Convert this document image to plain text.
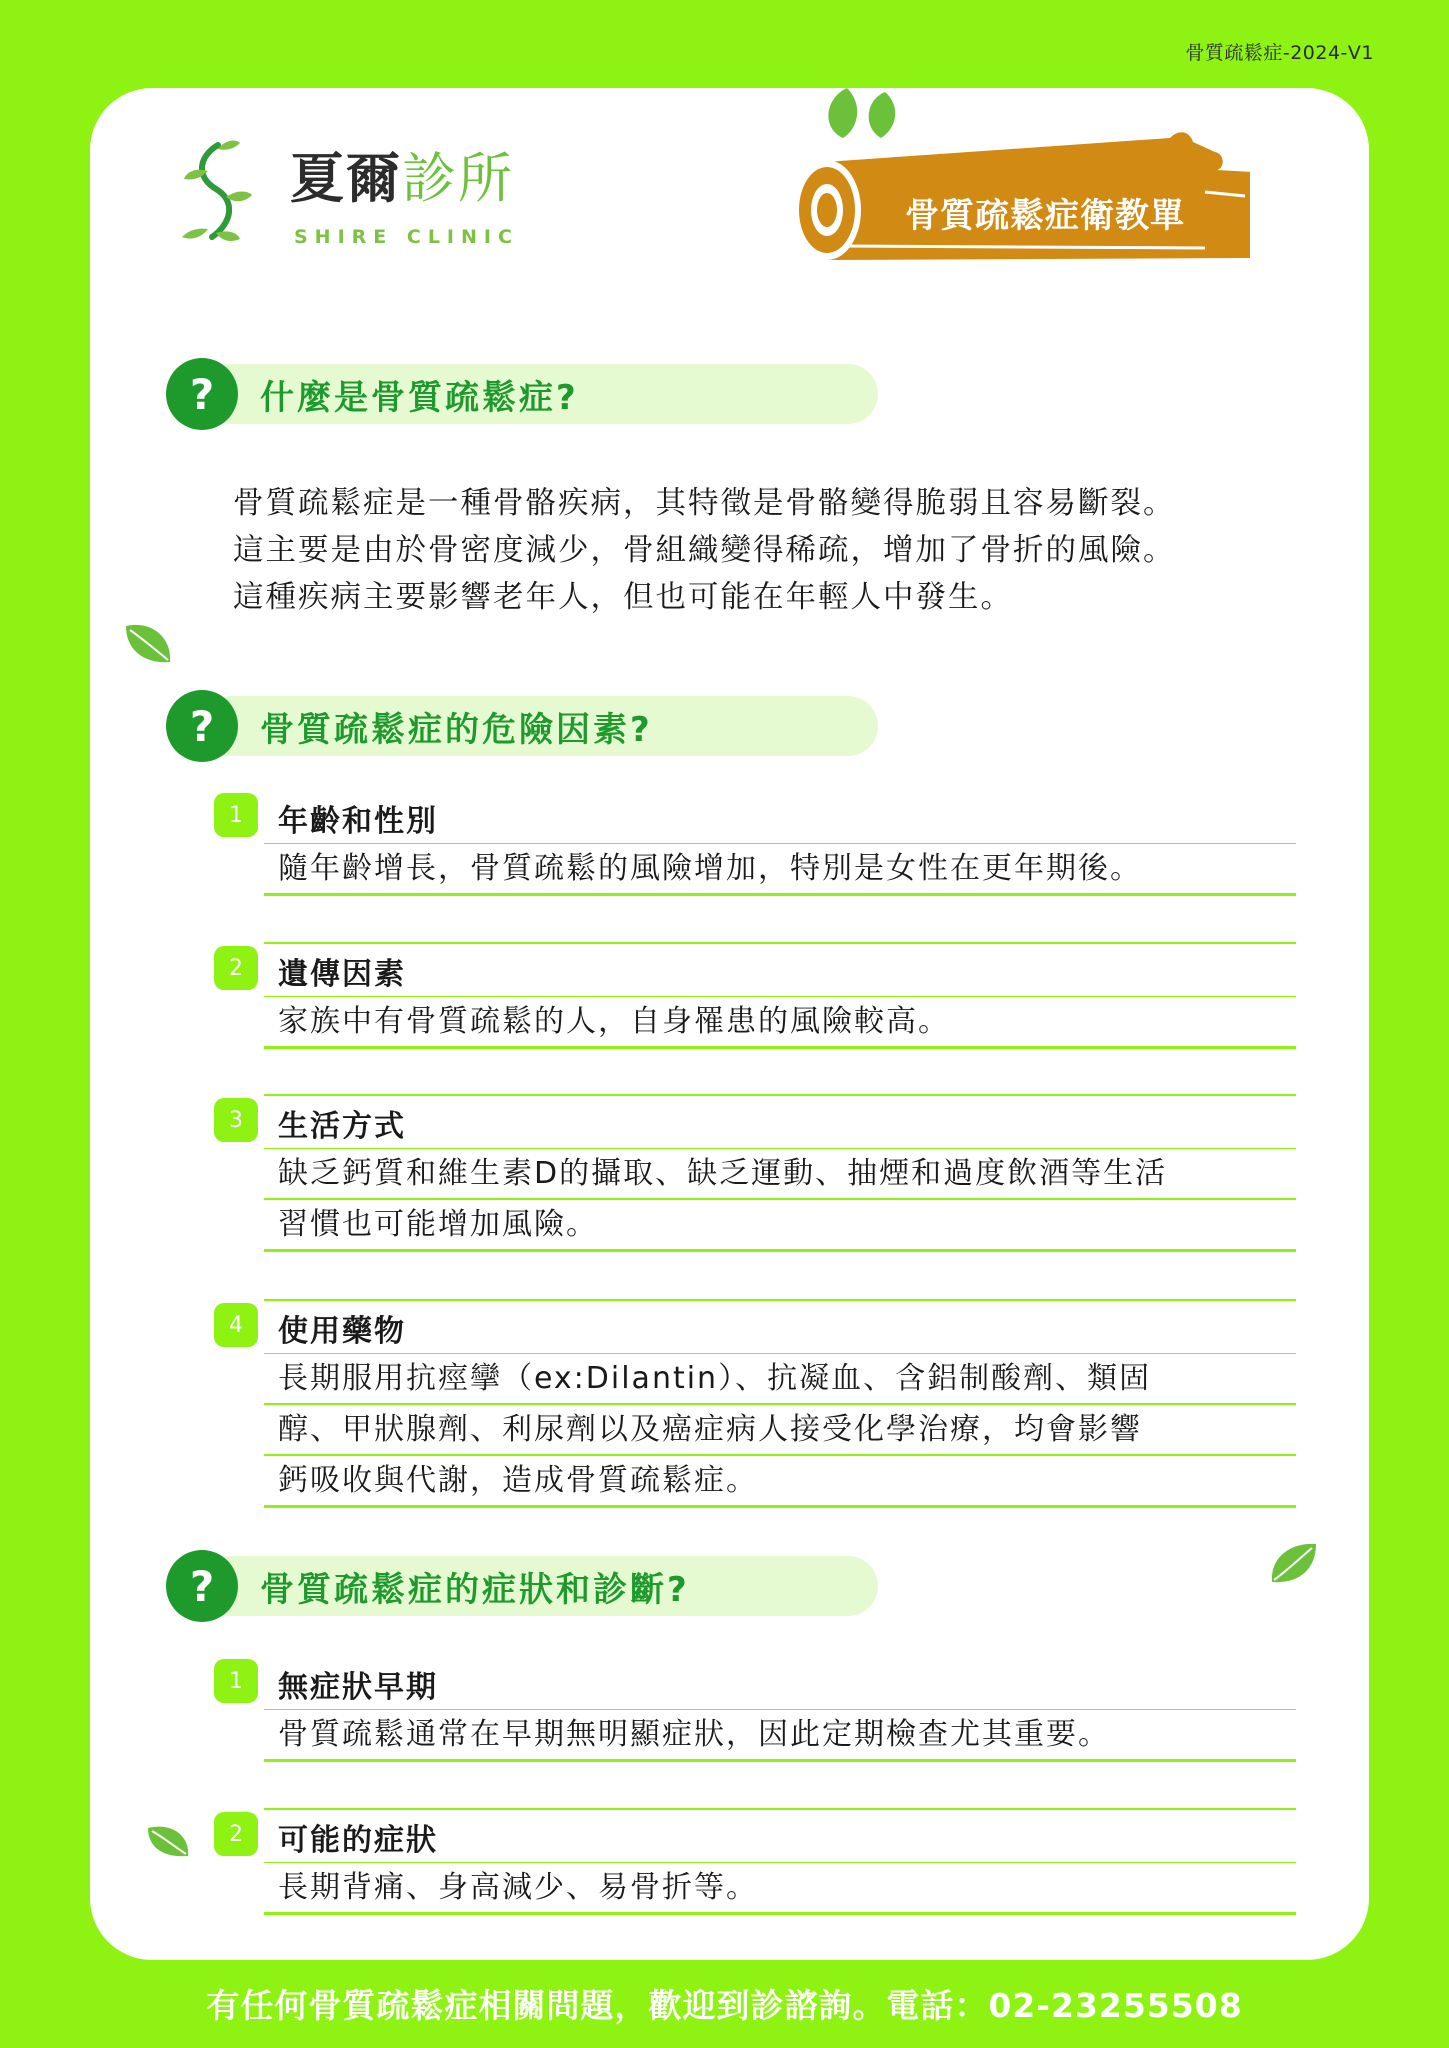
骨質疏鬆症-2024-V1
夏爾診所
SHIRE CLINIC
骨質疏鬆症衛教單
?	什麼是骨質疏鬆症?
骨質疏鬆症是一種骨骼疾病，其特徵是骨骼變得脆弱且容易斷裂。
這主要是由於骨密度減少，骨組織變得稀疏，增加了骨折的風險。
這種疾病主要影響老年人，但也可能在年輕人中發生。
?	骨質疏鬆症的危險因素?
1	年齡和性別
隨年齡增長，骨質疏鬆的風險增加，特別是女性在更年期後。
2	遺傳因素
家族中有骨質疏鬆的人，自身罹患的風險較高。
3	生活方式
缺乏鈣質和維生素D的攝取、缺乏運動、抽煙和過度飲酒等生活
習慣也可能增加風險。
4	使用藥物
長期服用抗痙攣（ex:Dilantin）、抗凝血、含鋁制酸劑、類固
醇、甲狀腺劑、利尿劑以及癌症病人接受化學治療，均會影響
鈣吸收與代謝，造成骨質疏鬆症。
?	骨質疏鬆症的症狀和診斷?
1	無症狀早期
骨質疏鬆通常在早期無明顯症狀，因此定期檢查尤其重要。
2	可能的症狀
長期背痛、身高減少、易骨折等。
有任何骨質疏鬆症相關問題，歡迎到診諮詢。電話：02-23255508
